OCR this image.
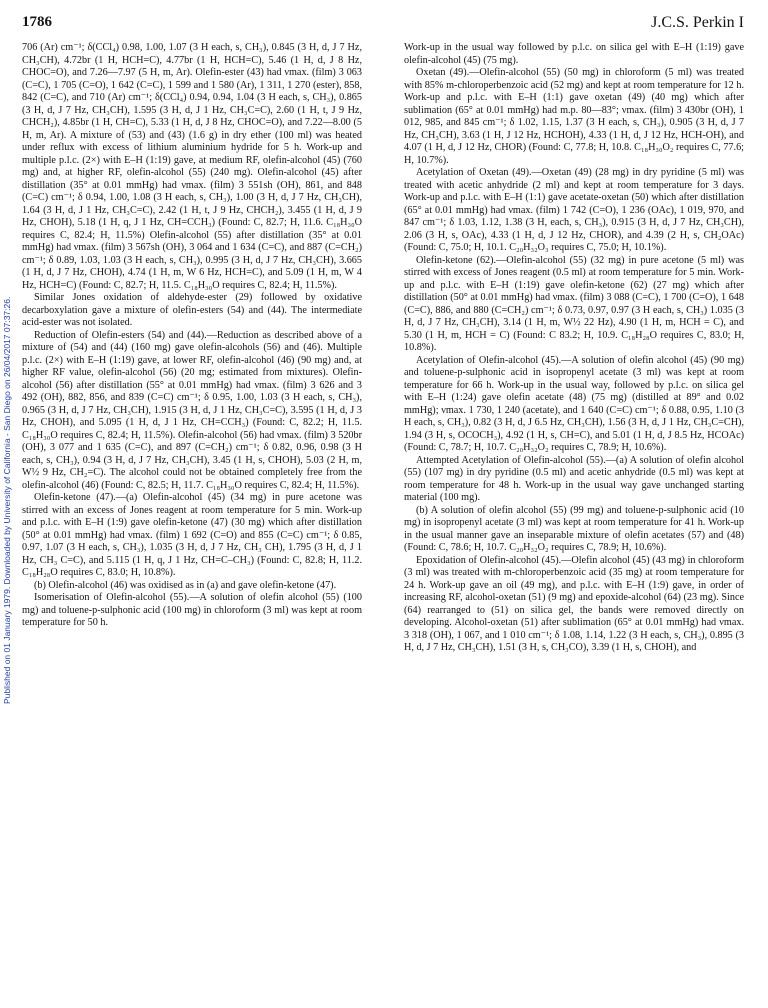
1786	J.C.S. Perkin I
Published on 01 January 1979. Downloaded by University of California - San Diego on 26/04/2017 07:37:26.

706 (Ar) cm⁻¹; δ(CCl₄) 0.98, 1.00, 1.07 (3 H each, s, CH₃), 0.845 (3 H, d, J 7 Hz, CH₃CH), 4.72br (1 H, HCH=C), 4.77br (1 H, HCH=C), 5.46 (1 H, d, J 8 Hz, CHOC=O), and 7.26—7.97 (5 H, m, Ar). Olefin-ester (43) had νmax. (film) 3 063 (C=C), 1 705 (C=O), 1 642 (C=C), 1 599 and 1 580 (Ar), 1 311, 1 270 (ester), 858, 842 (C=C), and 710 (Ar) cm⁻¹; δ(CCl₄) 0.94, 0.94, 1.04 (3 H each, s, CH₃), 0.865 (3 H, d, J 7 Hz, CH₃CH), 1.595 (3 H, d, J 1 Hz, CH₃C=C), 2.60 (1 H, t, J 9 Hz, CHCH₂), 4.85br (1 H, CH=C), 5.33 (1 H, d, J 8 Hz, CHOC=O), and 7.22—8.00 (5 H, m, Ar). A mixture of (53) and (43) (1.6 g) in dry ether (100 ml) was heated under reflux with excess of lithium aluminium hydride for 5 h. Work-up and multiple p.l.c. (2×) with E–H (1:19) gave, at medium RF, olefin-alcohol (45) (760 mg) and, at higher RF, olefin-alcohol (55) (240 mg). Olefin-alcohol (45) after distillation (35° at 0.01 mmHg) had νmax. (film) 3 551sh (OH), 861, and 848 (C=C) cm⁻¹; δ 0.94, 1.00, 1.08 (3 H each, s, CH₃), 1.00 (3 H, d, J 7 Hz, CH₃CH), 1.64 (3 H, d, J 1 Hz, CH₃C=C), 2.42 (1 H, t, J 9 Hz, CHCH₂), 3.455 (1 H, d, J 9 Hz, CHOH), 5.18 (1 H, q, J 1 Hz, CH=CCH₃) (Found: C, 82.7; H, 11.6. C₁₈H₃₀O requires C, 82.4; H, 11.5%) Olefin-alcohol (55) after distillation (35° at 0.01 mmHg) had νmax. (film) 3 567sh (OH), 3 064 and 1 634 (C=C), and 887 (C=CH₂) cm⁻¹; δ 0.89, 1.03, 1.03 (3 H each, s, CH₃), 0.995 (3 H, d, J 7 Hz, CH₃CH), 3.665 (1 H, d, J 7 Hz, CHOH), 4.74 (1 H, m, W 6 Hz, HCH=C), and 5.09 (1 H, m, W 4 Hz, HCH=C) (Found: C, 82.7; H, 11.5. C₁₈H₃₀O requires C, 82.4; H, 11.5%).

Similar Jones oxidation of aldehyde-ester (29) followed by oxidative decarboxylation gave a mixture of olefin-esters (54) and (44). The intermediate acid-ester was not isolated.

Reduction of Olefin-esters (54) and (44).—Reduction as described above of a mixture of (54) and (44) (160 mg) gave olefin-alcohols (56) and (46). Multiple p.l.c. (2×) with E–H (1:19) gave, at lower RF, olefin-alcohol (46) (90 mg) and, at higher RF value, olefin-alcohol (56) (20 mg; estimated from mixtures). Olefin-alcohol (56) after distillation (55° at 0.01 mmHg) had νmax. (film) 3 626 and 3 492 (OH), 882, 856, and 839 (C=C) cm⁻¹; δ 0.95, 1.00, 1.03 (3 H each, s, CH₃), 0.965 (3 H, d, J 7 Hz, CH₃CH), 1.915 (3 H, d, J 1 Hz, CH₃C=C), 3.595 (1 H, d, J 3 Hz, CHOH), and 5.095 (1 H, d, J 1 Hz, CH=CCH₃) (Found: C, 82.2; H, 11.5. C₁₈H₃₀O requires C, 82.4; H, 11.5%). Olefin-alcohol (56) had νmax. (film) 3 520br (OH), 3 077 and 1 635 (C=C), and 897 (C=CH₂) cm⁻¹; δ 0.82, 0.96, 0.98 (3 H each, s, CH₃), 0.94 (3 H, d, J 7 Hz, CH₃CH), 3.45 (1 H, s, CHOH), 5.03 (2 H, m, W½ 9 Hz, CH₂=C). The alcohol could not be obtained completely free from the olefin-alcohol (46) (Found: C, 82.5; H, 11.7. C₁₈H₃₀O requires C, 82.4; H, 11.5%).

Olefin-ketone (47).—(a) Olefin-alcohol (45) (34 mg) in pure acetone was stirred with an excess of Jones reagent at room temperature for 5 min. Work-up and p.l.c. with E–H (1:9) gave olefin-ketone (47) (30 mg) which after distillation (50° at 0.01 mmHg) had νmax. (film) 1 692 (C=O) and 855 (C=C) cm⁻¹; δ 0.85, 0.97, 1.07 (3 H each, s, CH₃), 1.035 (3 H, d, J 7 Hz, CH₃ CH), 1.795 (3 H, d, J 1 Hz, CH₃ C=C), and 5.115 (1 H, q, J 1 Hz, CH=C–CH₃) (Found: C, 82.8; H, 11.2. C₁₈H₂₈O requires C, 83.0; H, 10.8%).

(b) Olefin-alcohol (46) was oxidised as in (a) and gave olefin-ketone (47).

Isomerisation of Olefin-alcohol (55).—A solution of olefin alcohol (55) (100 mg) and toluene-p-sulphonic acid (100 mg) in chloroform (3 ml) was kept at room temperature for 50 h.

Work-up in the usual way followed by p.l.c. on silica gel with E–H (1:19) gave olefin-alcohol (45) (75 mg).

Oxetan (49).—Olefin-alcohol (55) (50 mg) in chloroform (5 ml) was treated with 85% m-chloroperbenzoic acid (52 mg) and kept at room temperature for 12 h. Work-up and p.l.c. with E–H (1:1) gave oxetan (49) (40 mg) which after sublimation (65° at 0.01 mmHg) had m.p. 80—83°; νmax. (film) 3 430br (OH), 1 012, 985, and 845 cm⁻¹; δ 1.02, 1.15, 1.37 (3 H each, s, CH₃), 0.905 (3 H, d, J 7 Hz, CH₃CH), 3.63 (1 H, J 12 Hz, HCHOH), 4.33 (1 H, d, J 12 Hz, HCH-OH), and 4.07 (1 H, d, J 12 Hz, CHOR) (Found: C, 77.8; H, 10.8. C₁₈H₃₀O₂ requires C, 77.6; H, 10.7%).

Acetylation of Oxetan (49).—Oxetan (49) (28 mg) in dry pyridine (5 ml) was treated with acetic anhydride (2 ml) and kept at room temperature for 3 days. Work-up and p.l.c. with E–H (1:1) gave acetate-oxetan (50) which after distillation (65° at 0.01 mmHg) had νmax. (film) 1 742 (C=O), 1 236 (OAc), 1 019, 970, and 847 cm⁻¹; δ 1.03, 1.12, 1.38 (3 H, each, s, CH₃), 0.915 (3 H, d, J 7 Hz, CH₃CH), 2.06 (3 H, s, OAc), 4.33 (1 H, d, J 12 Hz, CHOR), and 4.39 (2 H, s, CH₂OAc) (Found: C, 75.0; H, 10.1. C₂₀H₃₂O₃ requires C, 75.0; H, 10.1%).

Olefin-ketone (62).—Olefin-alcohol (55) (32 mg) in pure acetone (5 ml) was stirred with excess of Jones reagent (0.5 ml) at room temperature for 5 min. Work-up and p.l.c. with E–H (1:19) gave olefin-ketone (62) (27 mg) which after distillation (50° at 0.01 mmHg) had νmax. (film) 3 088 (C=C), 1 700 (C=O), 1 648 (C=C), 886, and 880 (C=CH₂) cm⁻¹; δ 0.73, 0.97, 0.97 (3 H each, s, CH₃) 1.035 (3 H, d, J 7 Hz, CH₃CH), 3.14 (1 H, m, W½ 22 Hz), 4.90 (1 H, m, HCH = C), and 5.30 (1 H, m, HCH = C) (Found: C 83.2; H, 10.9. C₁₈H₂₈O requires C, 83.0; H, 10.8%).

Acetylation of Olefin-alcohol (45).—A solution of olefin alcohol (45) (90 mg) and toluene-p-sulphonic acid in isopropenyl acetate (3 ml) was kept at room temperature for 66 h. Work-up in the usual way, followed by p.l.c. on silica gel with E–H (1:24) gave olefin acetate (48) (75 mg) (distilled at 89° and 0.02 mmHg); νmax. 1 730, 1 240 (acetate), and 1 640 (C=C) cm⁻¹; δ 0.88, 0.95, 1.10 (3 H each, s, CH₃), 0.82 (3 H, d, J 6.5 Hz, CH₃CH), 1.56 (3 H, d, J 1 Hz, CH₃C=CH), 1.94 (3 H, s, OCOCH₃), 4.92 (1 H, s, CH=C), and 5.01 (1 H, d, J 8.5 Hz, HCOAc) (Found: C, 78.7; H, 10.7. C₂₀H₃₂O₂ requires C, 78.9; H, 10.6%).

Attempted Acetylation of Olefin-alcohol (55).—(a) A solution of olefin alcohol (55) (107 mg) in dry pyridine (0.5 ml) and acetic anhydride (0.5 ml) was kept at room temperature for 48 h. Work-up in the usual way gave unchanged starting material (100 mg).

(b) A solution of olefin alcohol (55) (99 mg) and toluene-p-sulphonic acid (10 mg) in isopropenyl acetate (3 ml) was kept at room temperature for 41 h. Work-up in the usual manner gave an inseparable mixture of olefin acetates (57) and (48) (Found: C, 78.6; H, 10.7. C₂₀H₃₂O₂ requires C, 78.9; H, 10.6%).

Epoxidation of Olefin-alcohol (45).—Olefin alcohol (45) (43 mg) in chloroform (3 ml) was treated with m-chloroperbenzoic acid (35 mg) at room temperature for 24 h. Work-up gave an oil (49 mg), and p.l.c. with E–H (1:9) gave, in order of increasing RF, alcohol-oxetan (51) (9 mg) and epoxide-alcohol (64) (23 mg). Since (64) rearranged to (51) on silica gel, the bands were removed directly on developing. Alcohol-oxetan (51) after sublimation (65° at 0.01 mmHg) had νmax. 3 318 (OH), 1 067, and 1 010 cm⁻¹; δ 1.08, 1.14, 1.22 (3 H each, s, CH₃), 0.895 (3 H, d, J 7 Hz, CH₃CH), 1.51 (3 H, s, CH₃CO), 3.39 (1 H, s, CHOH), and
